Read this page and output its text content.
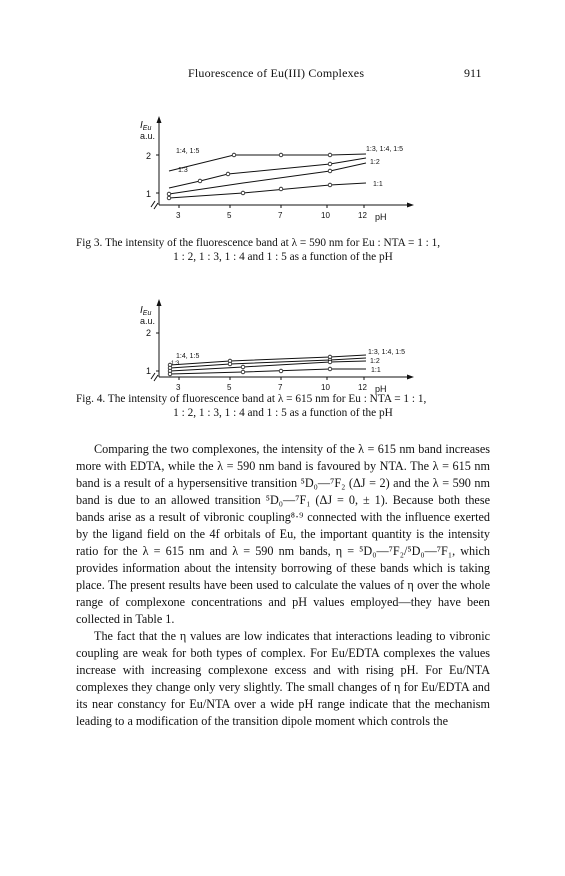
Fluorescence of Eu(III) Complexes	911
$I_{Eu}$
a.u.
2
1
3	5	7	10	12 pH
1:4, 1:5
1:3
1:3, 1:4, 1:5
1:2
1:1
Fig 3. The intensity of the fluorescence band at λ = 590 nm for Eu : NTA = 1 : 1,
1 : 2, 1 : 3, 1 : 4 and 1 : 5 as a function of the pH
$I_{Eu}$
a.u.
2
1
3	5	7	10	12 pH
1:4, 1:5
1:3
1:3, 1:4, 1:5
1:2
1:1
Fig. 4. The intensity of fluorescence band at λ = 615 nm for Eu : NTA = 1 : 1,
1 : 2, 1 : 3, 1 : 4 and 1 : 5 as a function of the pH

Comparing the two complexones, the intensity of the λ = 615 nm band increases more with EDTA, while the λ = 590 nm band is favoured by NTA. The λ = 615 nm band is a result of a hypersensitive transition ⁵D₀—⁷F₂ (ΔJ = 2) and the λ = 590 nm band is due to an allowed transition ⁵D₀—⁷F₁ (ΔJ = 0, ± 1). Because both these bands arise as a result of vibronic coupling⁸·⁹ connected with the influence exerted by the ligand field on the 4f orbitals of Eu, the important quantity is the intensity ratio for the λ = 615 nm and λ = 590 nm bands, η = ⁵D₀—⁷F₂/⁵D₀—⁷F₁, which provides information about the intensity borrowing of these bands which is taking place. The present results have been used to calculate the values of η over the whole range of complexone concentrations and pH values employed—they have been collected in Table 1.

The fact that the η values are low indicates that interactions leading to vibronic coupling are weak for both types of complex. For Eu/EDTA complexes the values increase with increasing complexone excess and with rising pH. For Eu/NTA complexes they change only very slightly. The small changes of η for Eu/EDTA and its near constancy for Eu/NTA over a wide pH range indicate that the mechanism leading to a modification of the transition dipole moment which controls the
